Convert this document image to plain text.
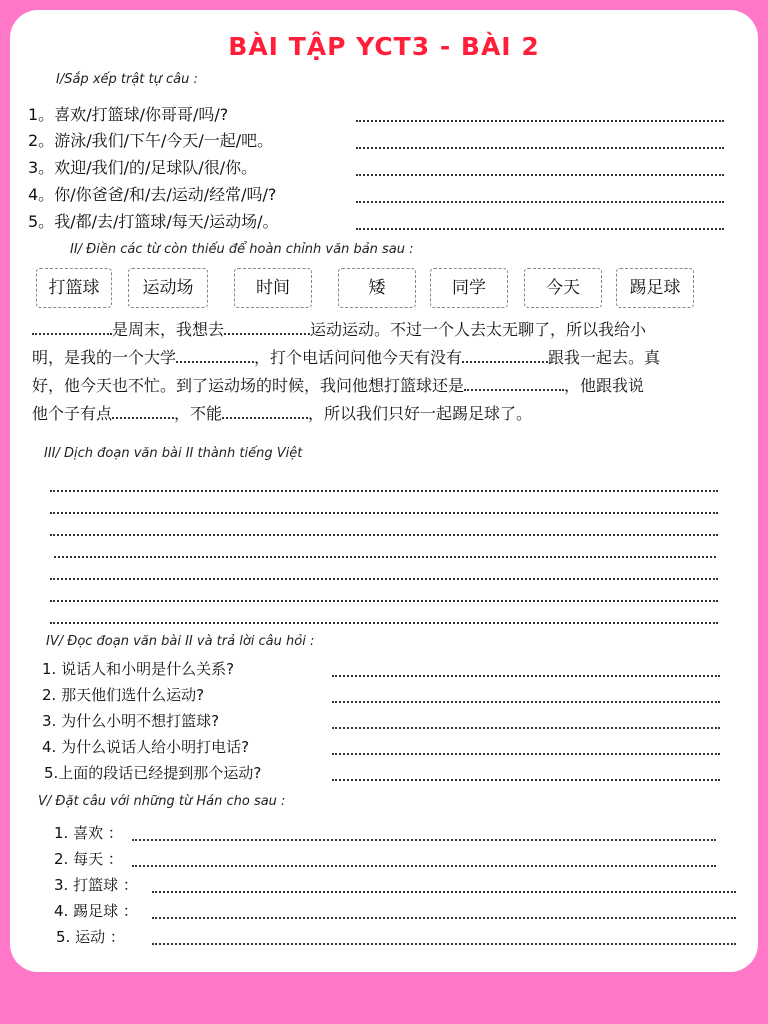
BÀI TẬP YCT3 - BÀI 2
I/Sắp xếp trật tự câu :
1。喜欢/打篮球/你哥哥/吗/?
2。游泳/我们/下午/今天/一起/吧。
3。欢迎/我们/的/足球队/很/你。
4。你/你爸爸/和/去/运动/经常/吗/?
5。我/都/去/打篮球/每天/运动场/。
II/ Điền các từ còn thiếu để hoàn chỉnh văn bản sau :
打篮球	运动场	时间	矮	同学	今天	踢足球
是周末，我想去	运动运动。不过一个人去太无聊了，所以我给小
明，是我的一个大学	，打个电话问问他今天有没有	跟我一起去。真
好，他今天也不忙。到了运动场的时候，我问他想打篮球还是	，他跟我说
他个子有点	，不能	，所以我们只好一起踢足球了。
III/ Dịch đoạn văn bài II thành tiếng Việt
IV/ Đọc đoạn văn bài II và trả lời câu hỏi :
1. 说话人和小明是什么关系?
2. 那天他们选什么运动?
3. 为什么小明不想打篮球?
4. 为什么说话人给小明打电话?
5.上面的段话已经提到那个运动?
V/ Đặt câu với những từ Hán cho sau :
1. 喜欢 ：
2. 每天 ：
3. 打篮球 ：
4. 踢足球 ：
5. 运动 ：
